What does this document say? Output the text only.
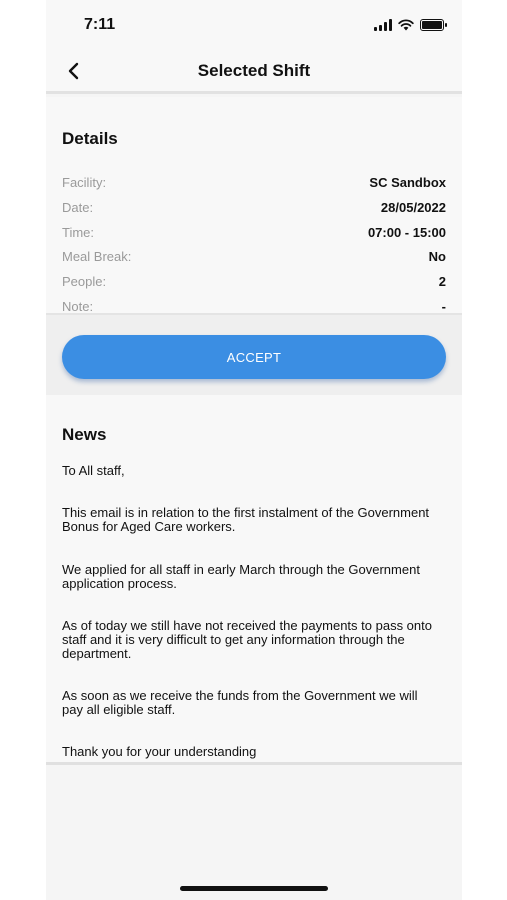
7:11
Selected Shift
Details
Facility:	SC Sandbox
Date:	28/05/2022
Time:	07:00 - 15:00
Meal Break:	No
People:	2
Note:	-
ACCEPT
News

To All staff,

This email is in relation to the first instalment of the Government Bonus for Aged Care workers.

We applied for all staff in early March through the Government application process.

As of today we still have not received the payments to pass onto staff and it is very difficult to get any information through the department.

As soon as we receive the funds from the Government we will pay all eligible staff.

Thank you for your understanding
